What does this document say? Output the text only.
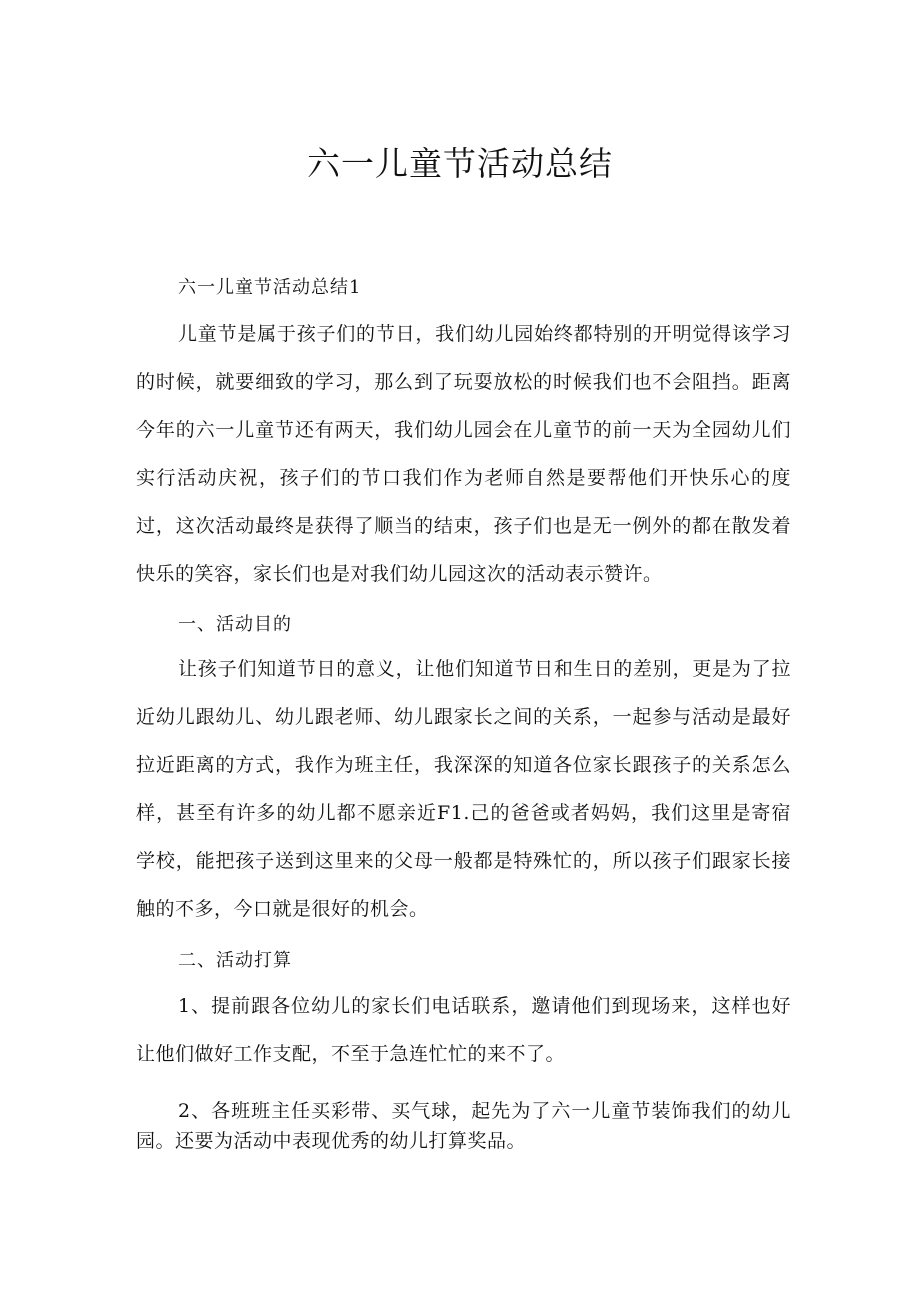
六一儿童节活动总结
六一儿童节活动总结1
儿童节是属于孩子们的节日，我们幼儿园始终都特别的开明觉得该学习的时候，就要细致的学习，那么到了玩耍放松的时候我们也不会阻挡。距离今年的六一儿童节还有两天，我们幼儿园会在儿童节的前一天为全园幼儿们实行活动庆祝，孩子们的节口我们作为老师自然是要帮他们开快乐心的度过，这次活动最终是获得了顺当的结束，孩子们也是无一例外的都在散发着快乐的笑容，家长们也是对我们幼儿园这次的活动表示赞许。
一、活动目的
让孩子们知道节日的意义，让他们知道节日和生日的差别，更是为了拉近幼儿跟幼儿、幼儿跟老师、幼儿跟家长之间的关系，一起参与活动是最好拉近距离的方式，我作为班主任，我深深的知道各位家长跟孩子的关系怎么样，甚至有许多的幼儿都不愿亲近F1.己的爸爸或者妈妈，我们这里是寄宿学校，能把孩子送到这里来的父母一般都是特殊忙的，所以孩子们跟家长接触的不多，今口就是很好的机会。
二、活动打算
1、提前跟各位幼儿的家长们电话联系，邀请他们到现场来，这样也好让他们做好工作支配，不至于急连忙忙的来不了。
2、各班班主任买彩带、买气球，起先为了六一儿童节装饰我们的幼儿园。还要为活动中表现优秀的幼儿打算奖品。
